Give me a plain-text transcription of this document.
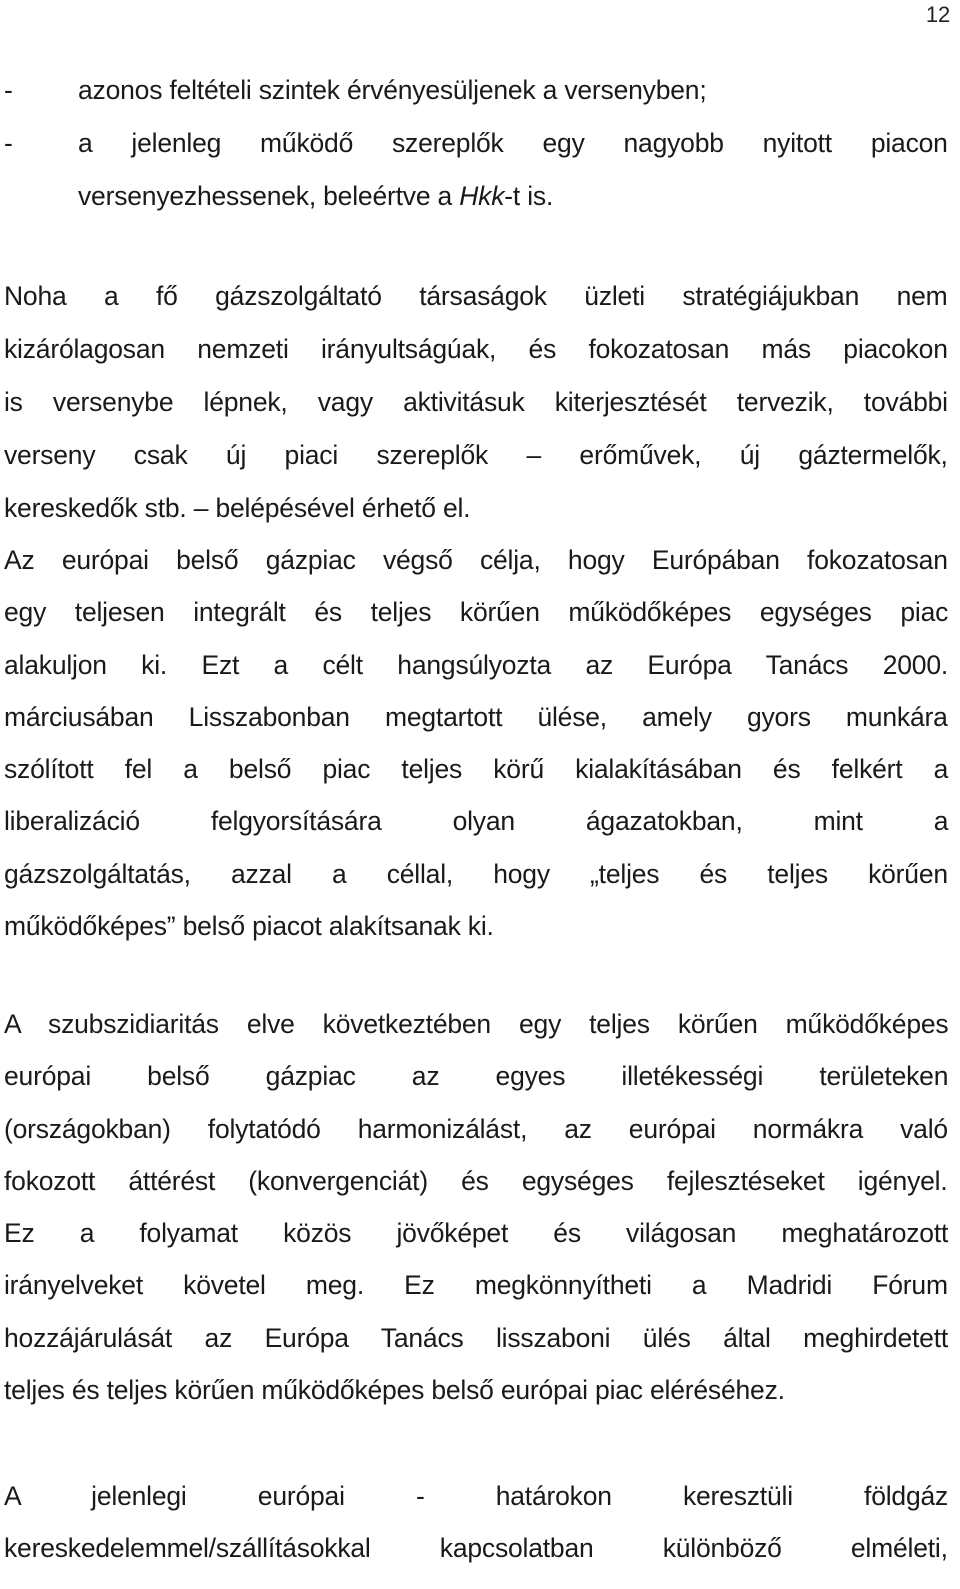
12
-	azonos feltételi szintek érvényesüljenek a versenyben;
-	a jelenleg működő szereplők egy nagyobb nyitott piacon
versenyezhessenek, beleértve a Hkk-t is.
Noha a fő gázszolgáltató társaságok üzleti stratégiájukban nem
kizárólagosan nemzeti irányultságúak, és fokozatosan más piacokon
is versenybe lépnek, vagy aktivitásuk kiterjesztését tervezik, további
verseny csak új piaci szereplők – erőművek, új gáztermelők,
kereskedők stb. – belépésével érhető el.
Az európai belső gázpiac végső célja, hogy Európában fokozatosan
egy teljesen integrált és teljes körűen működőképes egységes piac
alakuljon ki. Ezt a célt hangsúlyozta az Európa Tanács 2000.
márciusában Lisszabonban megtartott ülése, amely gyors munkára
szólított fel a belső piac teljes körű kialakításában és felkért a
liberalizáció felgyorsítására olyan ágazatokban, mint a
gázszolgáltatás, azzal a céllal, hogy „teljes és teljes körűen
működőképes” belső piacot alakítsanak ki.
A szubszidiaritás elve következtében egy teljes körűen működőképes
európai belső gázpiac az egyes illetékességi területeken
(országokban) folytatódó harmonizálást, az európai normákra való
fokozott áttérést (konvergenciát) és egységes fejlesztéseket igényel.
Ez a folyamat közös jövőképet és világosan meghatározott
irányelveket követel meg. Ez megkönnyítheti a Madridi Fórum
hozzájárulását az Európa Tanács lisszaboni ülés által meghirdetett
teljes és teljes körűen működőképes belső európai piac eléréséhez.
A jelenlegi európai - határokon keresztüli földgáz
kereskedelemmel/szállításokkal kapcsolatban különböző elméleti,
